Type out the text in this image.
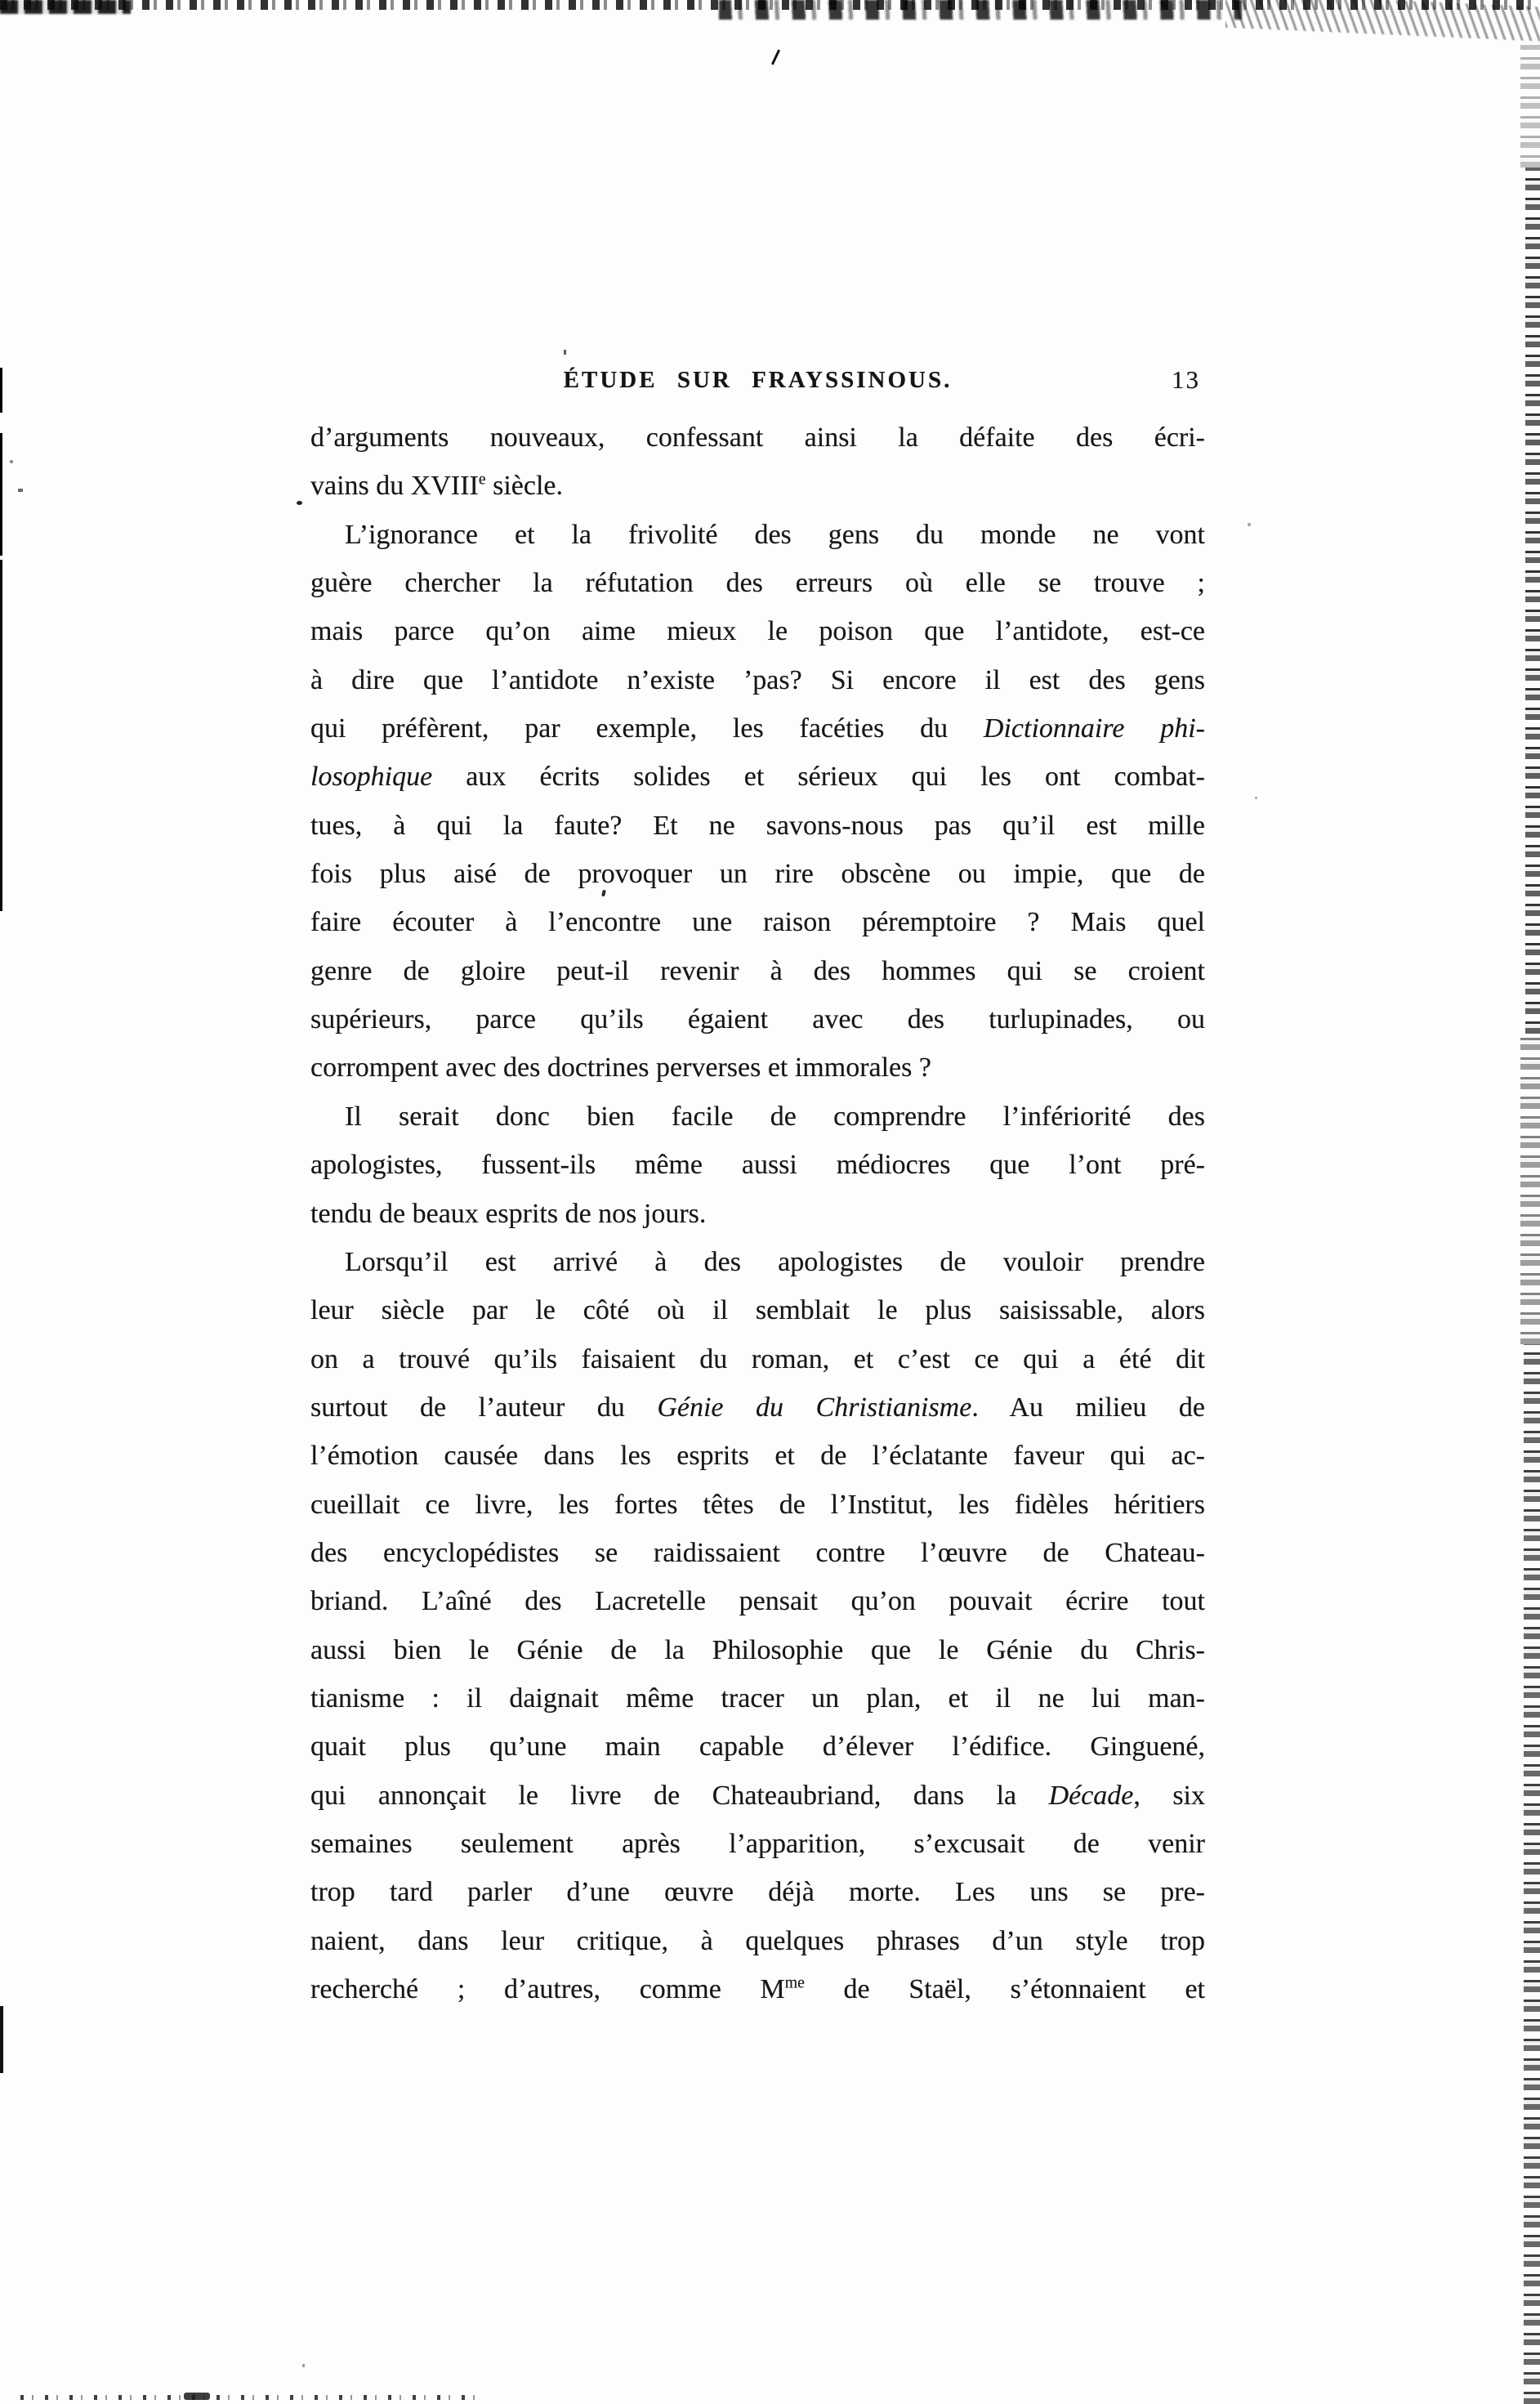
ÉTUDE SUR FRAYSSINOUS.	13
d’arguments nouveaux, confessant ainsi la défaite des écri-
vains du XVIIIe siècle.
L’ignorance et la frivolité des gens du monde ne vont
guère chercher la réfutation des erreurs où elle se trouve ;
mais parce qu’on aime mieux le poison que l’antidote, est-ce
à dire que l’antidote n’existe ’pas? Si encore il est des gens
qui préfèrent, par exemple, les facéties du Dictionnaire phi-
losophique aux écrits solides et sérieux qui les ont combat-
tues, à qui la faute? Et ne savons-nous pas qu’il est mille
fois plus aisé de provoquer un rire obscène ou impie, que de
faire écouter à l’encontre une raison péremptoire ? Mais quel
genre de gloire peut-il revenir à des hommes qui se croient
supérieurs, parce qu’ils égaient avec des turlupinades, ou
corrompent avec des doctrines perverses et immorales ?
Il serait donc bien facile de comprendre l’infériorité des
apologistes, fussent-ils même aussi médiocres que l’ont pré-
tendu de beaux esprits de nos jours.
Lorsqu’il est arrivé à des apologistes de vouloir prendre
leur siècle par le côté où il semblait le plus saisissable, alors
on a trouvé qu’ils faisaient du roman, et c’est ce qui a été dit
surtout de l’auteur du Génie du Christianisme. Au milieu de
l’émotion causée dans les esprits et de l’éclatante faveur qui ac-
cueillait ce livre, les fortes têtes de l’Institut, les fidèles héritiers
des encyclopédistes se raidissaient contre l’œuvre de Chateau-
briand. L’aîné des Lacretelle pensait qu’on pouvait écrire tout
aussi bien le Génie de la Philosophie que le Génie du Chris-
tianisme : il daignait même tracer un plan, et il ne lui man-
quait plus qu’une main capable d’élever l’édifice. Ginguené,
qui annonçait le livre de Chateaubriand, dans la Décade, six
semaines seulement après l’apparition, s’excusait de venir
trop tard parler d’une œuvre déjà morte. Les uns se pre-
naient, dans leur critique, à quelques phrases d’un style trop
recherché ; d’autres, comme $M^{me}$ de Staël, s’étonnaient et
